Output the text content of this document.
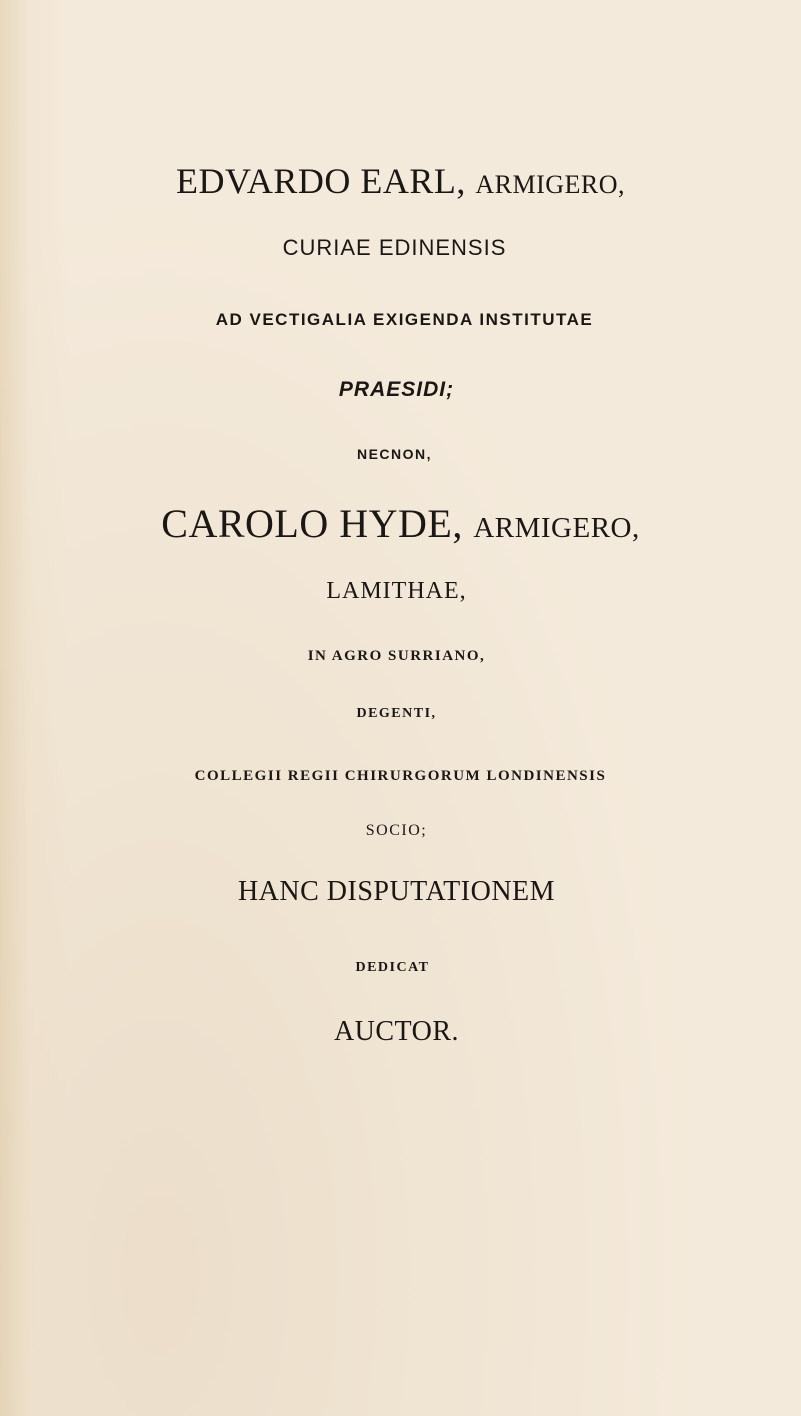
EDVARDO EARL, ARMIGERO,
CURIAE EDINENSIS
AD VECTIGALIA EXIGENDA INSTITUTAE
PRAESIDI;
NECNON,
CAROLO HYDE, ARMIGERO,
LAMITHAE,
IN AGRO SURRIANO,
DEGENTI,
COLLEGII REGII CHIRURGORUM LONDINENSIS
SOCIO;
HANC DISPUTATIONEM
DEDICAT
AUCTOR.
